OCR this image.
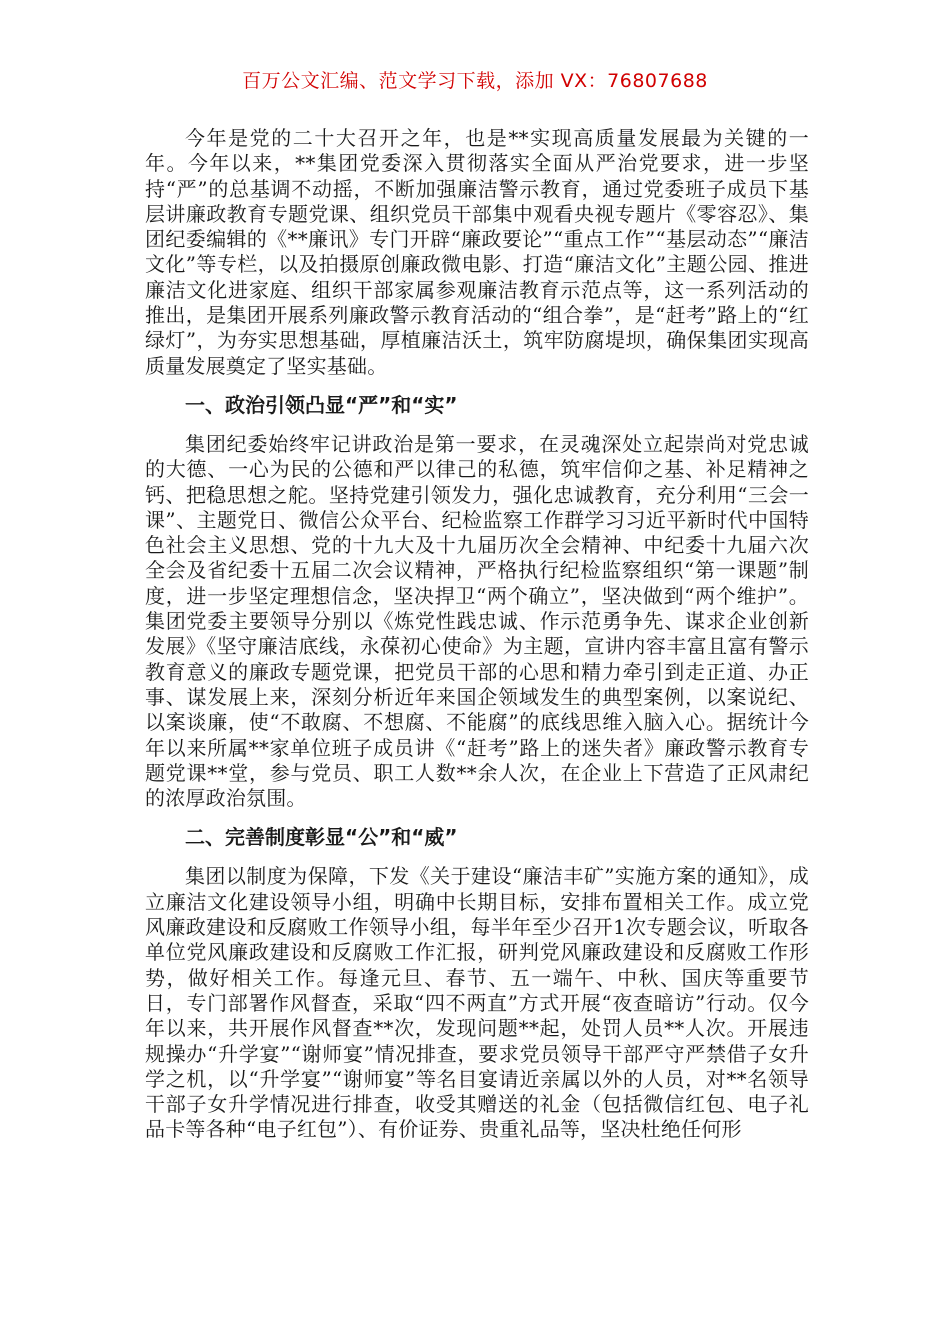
百万公文汇编、范文学习下载，添加 VX：76807688

今年是党的二十大召开之年，也是**实现高质量发展最为关键的一年。今年以来，**集团党委深入贯彻落实全面从严治党要求，进一步坚持“严”的总基调不动摇，不断加强廉洁警示教育，通过党委班子成员下基层讲廉政教育专题党课、组织党员干部集中观看央视专题片《零容忍》、集团纪委编辑的《**廉讯》专门开辟“廉政要论”“重点工作”“基层动态”“廉洁文化”等专栏，以及拍摄原创廉政微电影、打造“廉洁文化”主题公园、推进廉洁文化进家庭、组织干部家属参观廉洁教育示范点等，这一系列活动的推出，是集团开展系列廉政警示教育活动的“组合拳”，是“赶考”路上的“红绿灯”，为夯实思想基础，厚植廉洁沃土，筑牢防腐堤坝，确保集团实现高质量发展奠定了坚实基础。

一、政治引领凸显“严”和“实”

集团纪委始终牢记讲政治是第一要求，在灵魂深处立起崇尚对党忠诚的大德、一心为民的公德和严以律己的私德，筑牢信仰之基、补足精神之钙、把稳思想之舵。坚持党建引领发力，强化忠诚教育，充分利用“三会一课”、主题党日、微信公众平台、纪检监察工作群学习习近平新时代中国特色社会主义思想、党的十九大及十九届历次全会精神、中纪委十九届六次全会及省纪委十五届二次会议精神，严格执行纪检监察组织“第一课题”制度，进一步坚定理想信念，坚决捍卫“两个确立”，坚决做到“两个维护”。集团党委主要领导分别以《炼党性践忠诚、作示范勇争先、谋求企业创新发展》《坚守廉洁底线，永葆初心使命》为主题，宣讲内容丰富且富有警示教育意义的廉政专题党课，把党员干部的心思和精力牵引到走正道、办正事、谋发展上来，深刻分析近年来国企领域发生的典型案例，以案说纪、以案谈廉，使“不敢腐、不想腐、不能腐”的底线思维入脑入心。据统计今年以来所属**家单位班子成员讲《“赶考”路上的迷失者》廉政警示教育专题党课**堂，参与党员、职工人数**余人次，在企业上下营造了正风肃纪的浓厚政治氛围。

二、完善制度彰显“公”和“威”

集团以制度为保障，下发《关于建设“廉洁丰矿”实施方案的通知》，成立廉洁文化建设领导小组，明确中长期目标，安排布置相关工作。成立党风廉政建设和反腐败工作领导小组，每半年至少召开1次专题会议，听取各单位党风廉政建设和反腐败工作汇报，研判党风廉政建设和反腐败工作形势，做好相关工作。每逢元旦、春节、五一端午、中秋、国庆等重要节日，专门部署作风督查，采取“四不两直”方式开展“夜查暗访”行动。仅今年以来，共开展作风督查**次，发现问题**起，处罚人员**人次。开展违规操办“升学宴”“谢师宴”情况排查，要求党员领导干部严守严禁借子女升学之机，以“升学宴”“谢师宴”等名目宴请近亲属以外的人员，对**名领导干部子女升学情况进行排查，收受其赠送的礼金（包括微信红包、电子礼品卡等各种“电子红包”）、有价证券、贵重礼品等，坚决杜绝任何形
